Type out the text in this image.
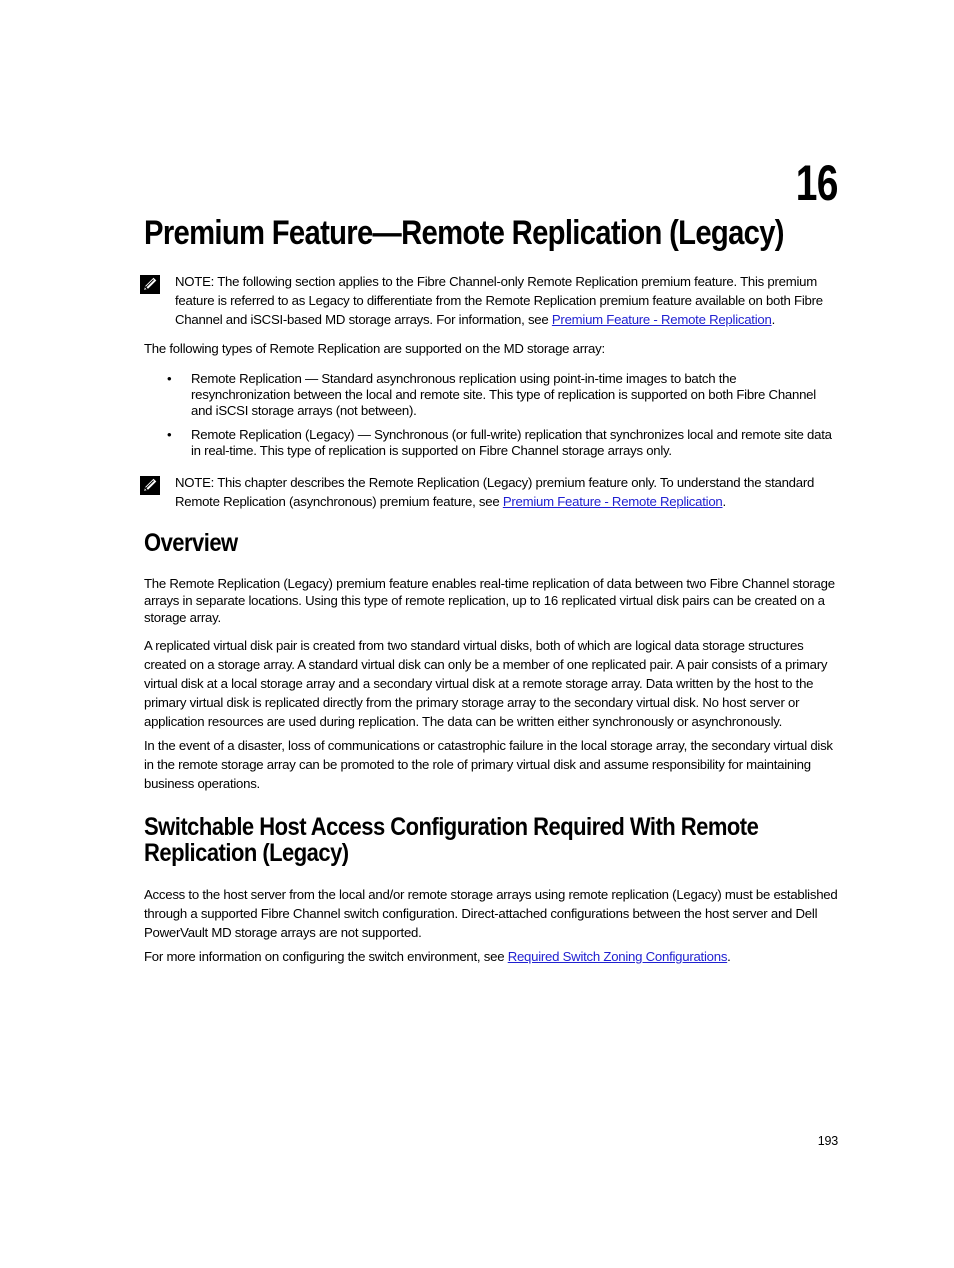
16
Premium Feature—Remote Replication (Legacy)
NOTE: The following section applies to the Fibre Channel-only Remote Replication premium feature. This premium feature is referred to as Legacy to differentiate from the Remote Replication premium feature available on both Fibre Channel and iSCSI-based MD storage arrays. For information, see Premium Feature - Remote Replication.

The following types of Remote Replication are supported on the MD storage array:

• Remote Replication — Standard asynchronous replication using point-in-time images to batch the resynchronization between the local and remote site. This type of replication is supported on both Fibre Channel and iSCSI storage arrays (not between).
• Remote Replication (Legacy) — Synchronous (or full-write) replication that synchronizes local and remote site data in real-time. This type of replication is supported on Fibre Channel storage arrays only.
NOTE: This chapter describes the Remote Replication (Legacy) premium feature only. To understand the standard Remote Replication (asynchronous) premium feature, see Premium Feature - Remote Replication.
Overview

The Remote Replication (Legacy) premium feature enables real-time replication of data between two Fibre Channel storage arrays in separate locations. Using this type of remote replication, up to 16 replicated virtual disk pairs can be created on a storage array.

A replicated virtual disk pair is created from two standard virtual disks, both of which are logical data storage structures created on a storage array. A standard virtual disk can only be a member of one replicated pair. A pair consists of a primary virtual disk at a local storage array and a secondary virtual disk at a remote storage array. Data written by the host to the primary virtual disk is replicated directly from the primary storage array to the secondary virtual disk. No host server or application resources are used during replication. The data can be written either synchronously or asynchronously.

In the event of a disaster, loss of communications or catastrophic failure in the local storage array, the secondary virtual disk in the remote storage array can be promoted to the role of primary virtual disk and assume responsibility for maintaining business operations.

Switchable Host Access Configuration Required With Remote
Replication (Legacy)

Access to the host server from the local and/or remote storage arrays using remote replication (Legacy) must be established through a supported Fibre Channel switch configuration. Direct-attached configurations between the host server and Dell PowerVault MD storage arrays are not supported.

For more information on configuring the switch environment, see Required Switch Zoning Configurations.

193
